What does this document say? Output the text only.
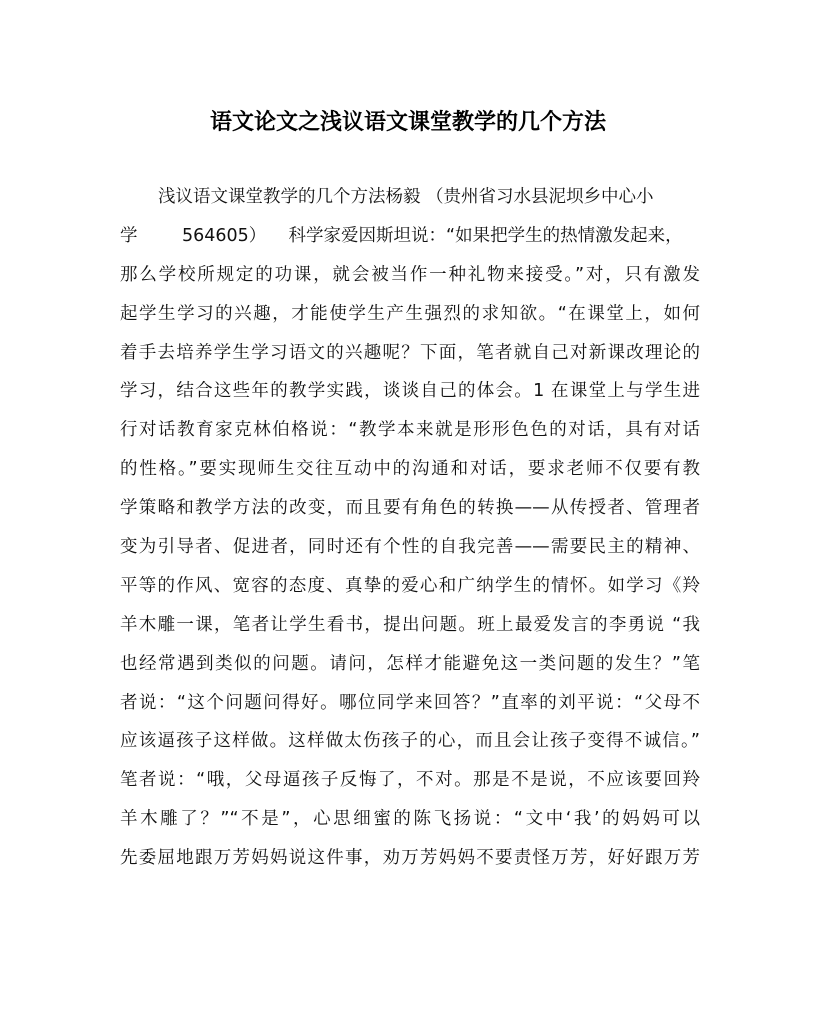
语文论文之浅议语文课堂教学的几个方法
浅议语文课堂教学的几个方法杨毅 （贵州省习水县泥坝乡中心小
学        564605）    科学家爱因斯坦说：“如果把学生的热情激发起来，
那么学校所规定的功课，就会被当作一种礼物来接受。”对，只有激发
起学生学习的兴趣，才能使学生产生强烈的求知欲。“在课堂上，如何
着手去培养学生学习语文的兴趣呢？下面，笔者就自己对新课改理论的
学习，结合这些年的教学实践，谈谈自己的体会。1 在课堂上与学生进
行对话教育家克林伯格说：“教学本来就是形形色色的对话，具有对话
的性格。”要实现师生交往互动中的沟通和对话，要求老师不仅要有教
学策略和教学方法的改变，而且要有角色的转换——从传授者、管理者
变为引导者、促进者，同时还有个性的自我完善——需要民主的精神、
平等的作风、宽容的态度、真挚的爱心和广纳学生的情怀。如学习《羚
羊木雕一课，笔者让学生看书，提出问题。班上最爱发言的李勇说 “我
也经常遇到类似的问题。请问，怎样才能避免这一类问题的发生？”笔
者说：“这个问题问得好。哪位同学来回答？”直率的刘平说：“父母不
应该逼孩子这样做。这样做太伤孩子的心，而且会让孩子变得不诚信。”
笔者说：“哦，父母逼孩子反悔了，不对。那是不是说，不应该要回羚
羊木雕了？”“不是”，心思细蜜的陈飞扬说：“文中‘我’的妈妈可以
先委屈地跟万芳妈妈说这件事，劝万芳妈妈不要责怪万芳，好好跟万芳
